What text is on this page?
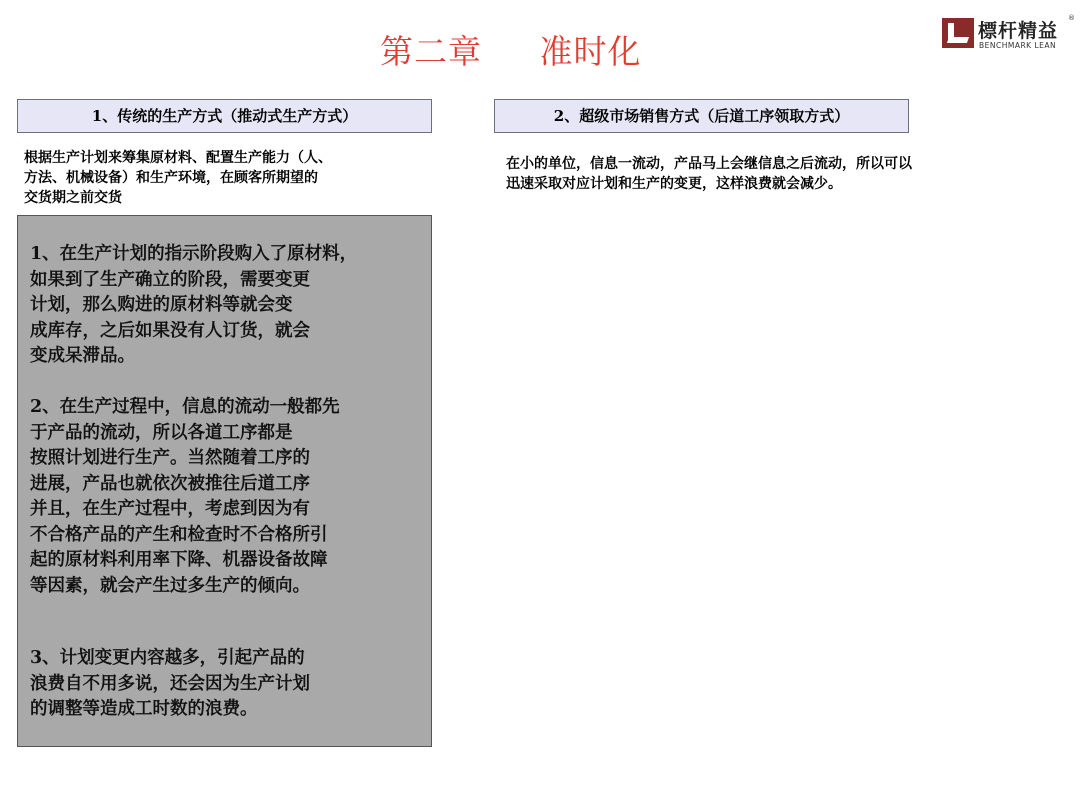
第二章     准时化
標杆精益
®
BENCHMARK LEAN
1、传统的生产方式（推动式生产方式）	2、超级市场销售方式（后道工序领取方式）
根据生产计划来筹集原材料、配置生产能力（人、
方法、机械设备）和生产环境，在顾客所期望的
交货期之前交货
在小的单位，信息一流动，产品马上会继信息之后流动，所以可以
迅速采取对应计划和生产的变更，这样浪费就会减少。
1、在生产计划的指示阶段购入了原材料，
如果到了生产确立的阶段，需要变更
计划，那么购进的原材料等就会变
成库存，之后如果没有人订货，就会
变成呆滞品。
2、在生产过程中，信息的流动一般都先
于产品的流动，所以各道工序都是
按照计划进行生产。当然随着工序的
进展，产品也就依次被推往后道工序
并且，在生产过程中，考虑到因为有
不合格产品的产生和检查时不合格所引
起的原材料利用率下降、机器设备故障
等因素，就会产生过多生产的倾向。
3、计划变更内容越多，引起产品的
浪费自不用多说，还会因为生产计划
的调整等造成工时数的浪费。
